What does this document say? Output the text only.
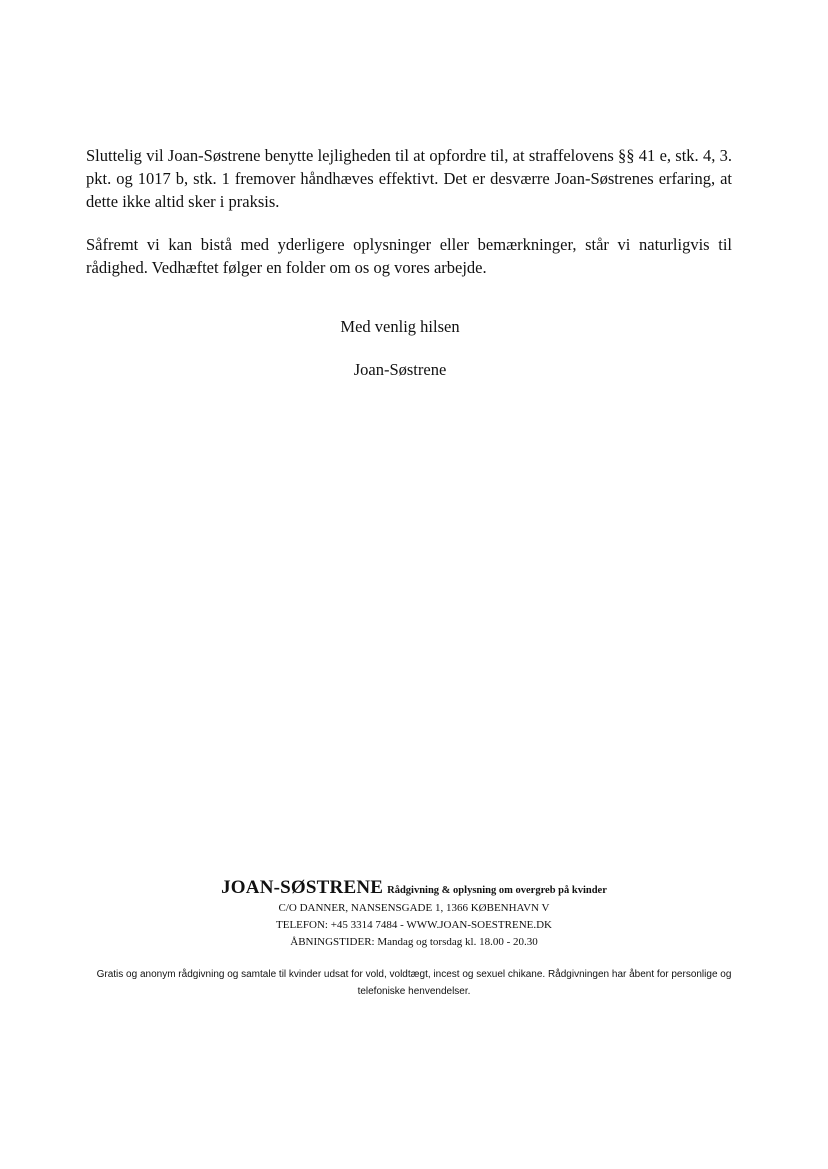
Sluttelig vil Joan-Søstrene benytte lejligheden til at opfordre til, at straffelovens §§ 41 e, stk. 4, 3. pkt. og 1017 b, stk. 1 fremover håndhæves effektivt. Det er desværre Joan-Søstrenes erfaring, at dette ikke altid sker i praksis.

Såfremt vi kan bistå med yderligere oplysninger eller bemærkninger, står vi naturligvis til rådighed. Vedhæftet følger en folder om os og vores arbejde.

Med venlig hilsen

Joan-Søstrene

JOAN-SØSTRENE Rådgivning & oplysning om overgreb på kvinder
C/O DANNER, NANSENSGADE 1, 1366 KØBENHAVN V
TELEFON: +45 3314 7484 - WWW.JOAN-SOESTRENE.DK
ÅBNINGSTIDER: Mandag og torsdag kl. 18.00 - 20.30
Gratis og anonym rådgivning og samtale til kvinder udsat for vold, voldtægt, incest og sexuel chikane. Rådgivningen har åbent for personlige og telefoniske henvendelser.
